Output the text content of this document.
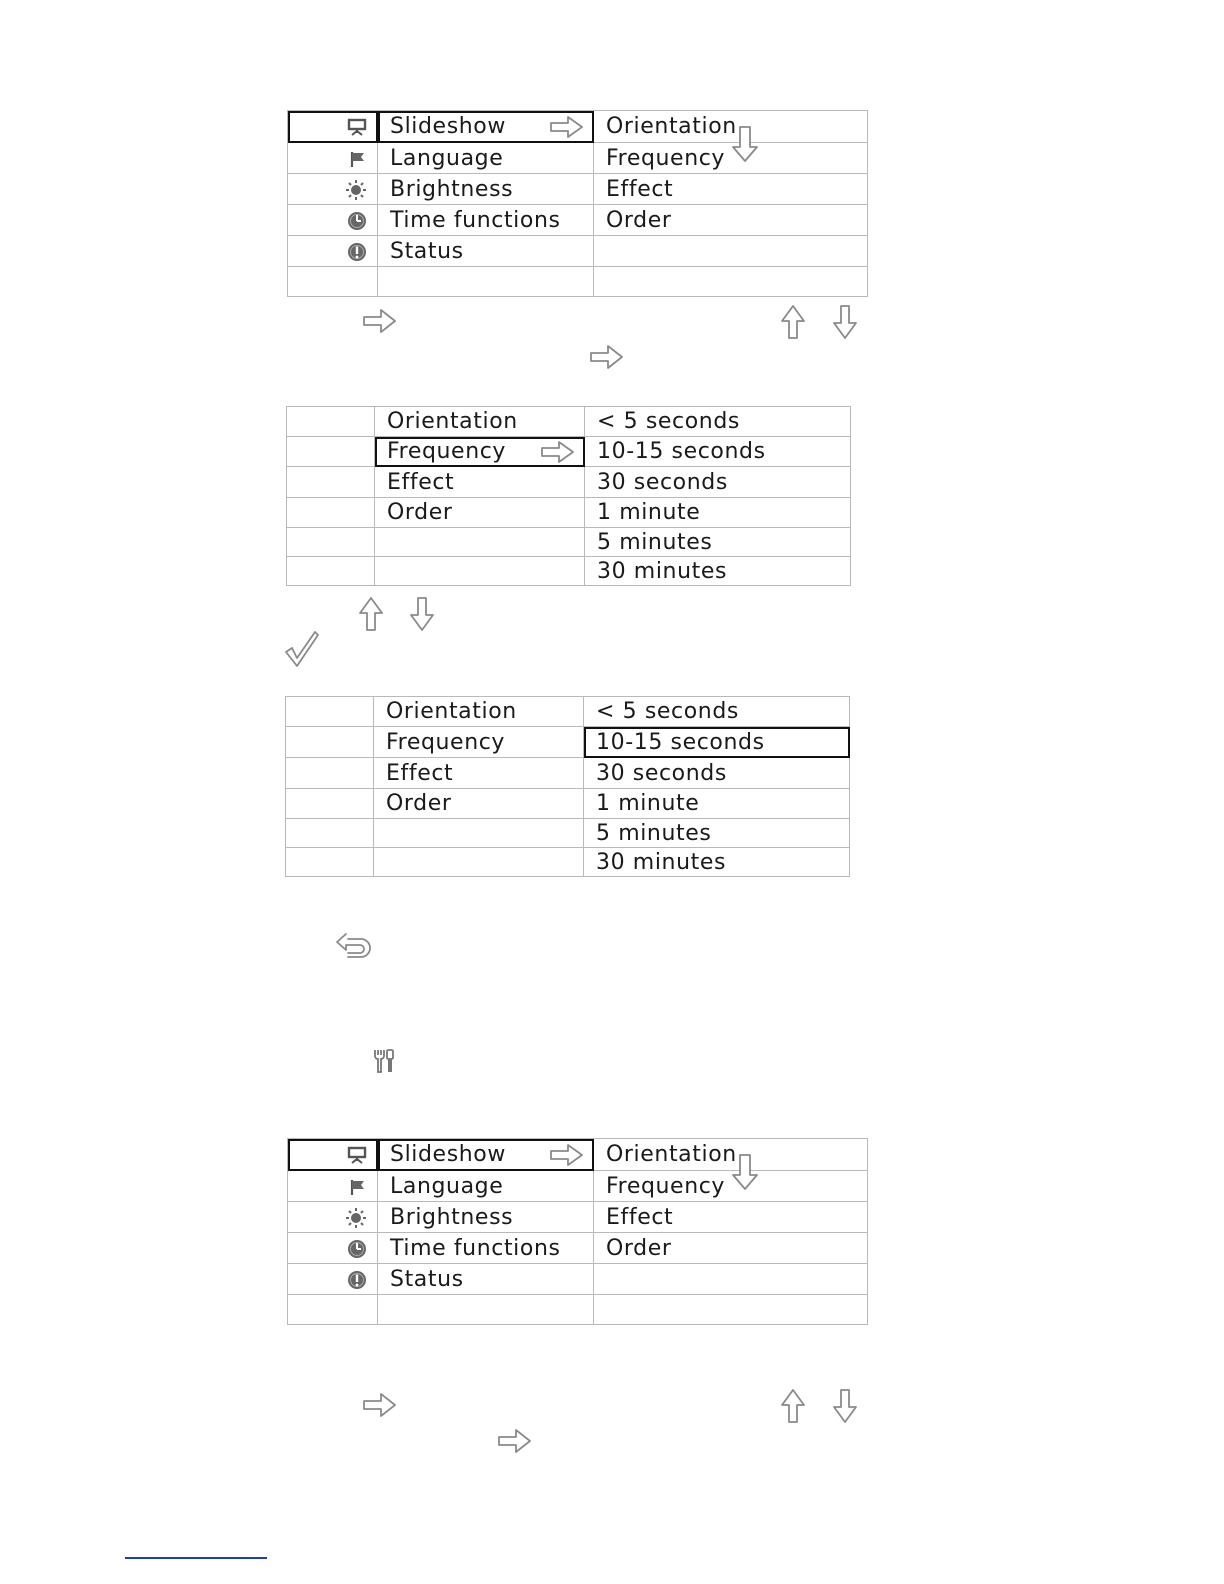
	Slideshow	Orientation
	Language	Frequency
	Brightness	Effect
	Time functions	Order
	Status	

	Orientation	< 5 seconds
	Frequency	10-15 seconds
	Effect	30 seconds
	Order	1 minute
		5 minutes
		30 minutes
	Orientation	< 5 seconds
	Frequency	10-15 seconds
	Effect	30 seconds
	Order	1 minute
		5 minutes
		30 minutes
	Slideshow	Orientation
	Language	Frequency
	Brightness	Effect
	Time functions	Order
	Status	
